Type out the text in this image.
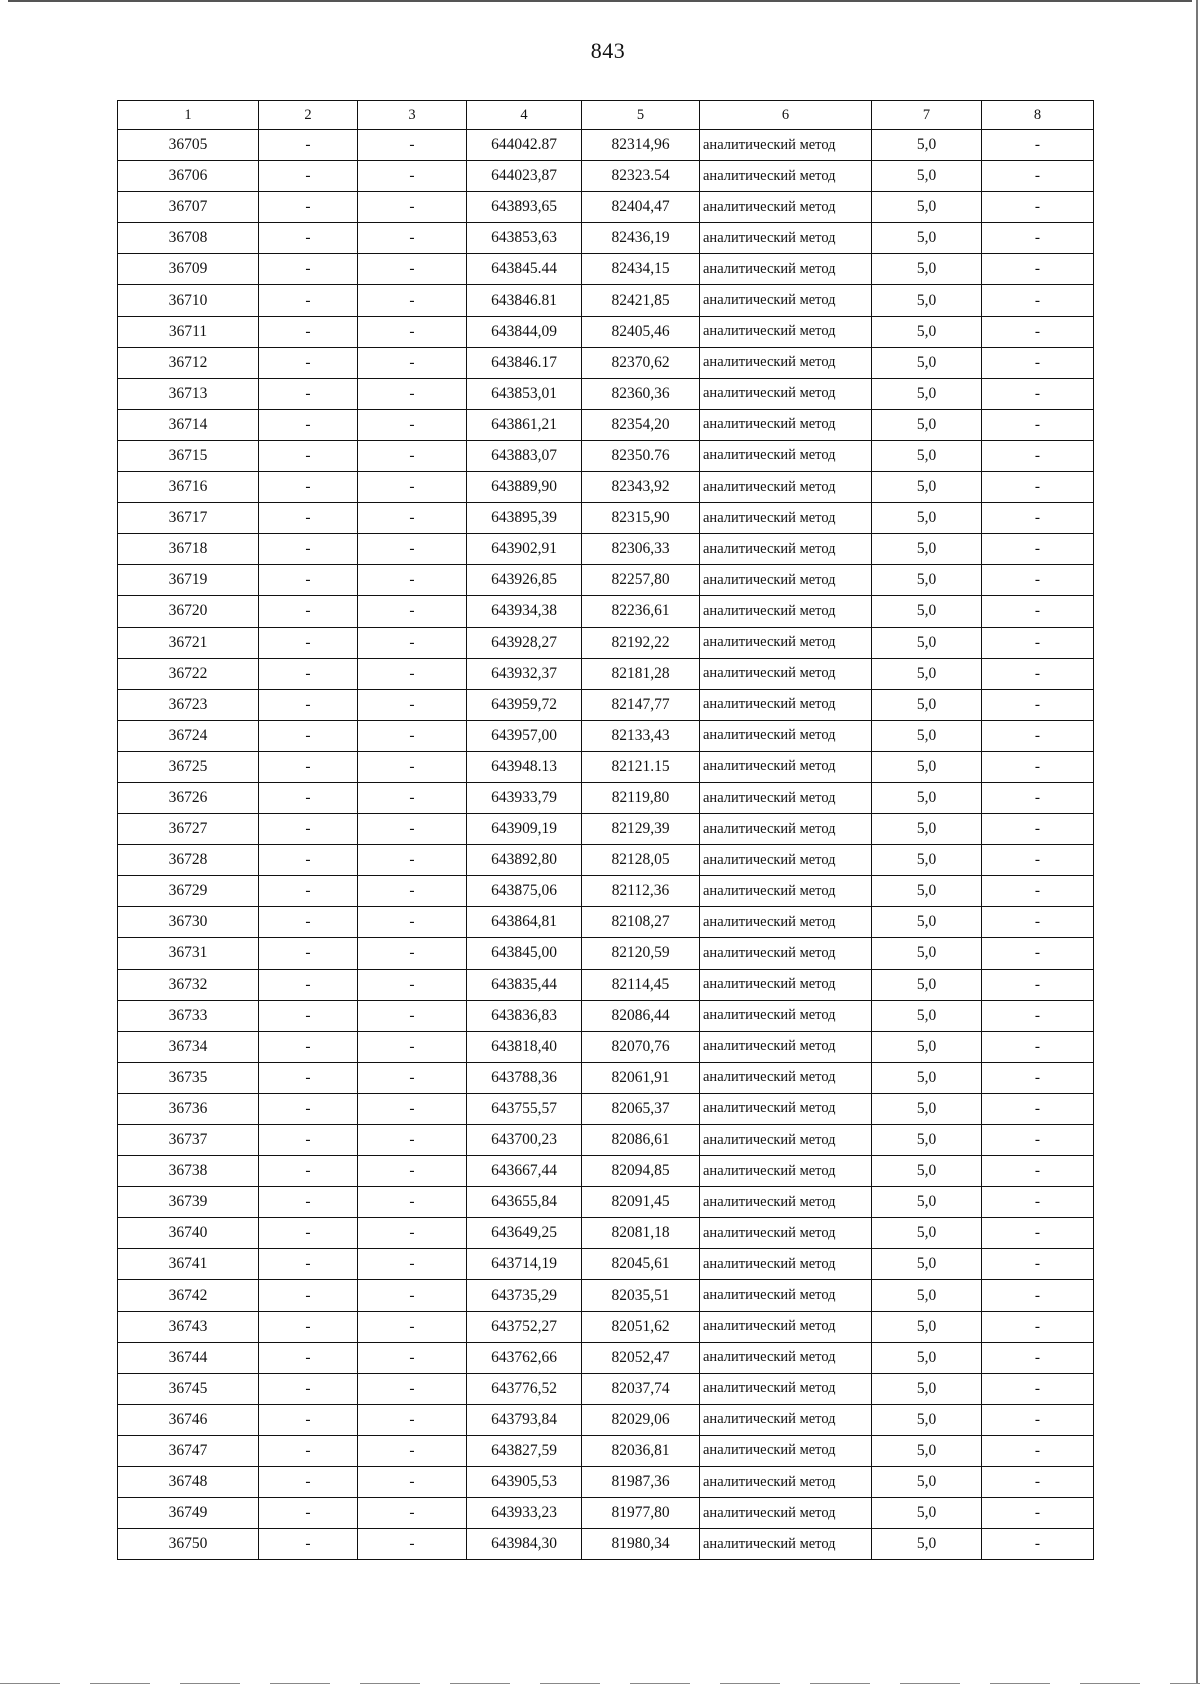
843
1	2	3	4	5	6	7	8
36705	-	-	644042.87	82314,96	аналитический метод	5,0	-
36706	-	-	644023,87	82323.54	аналитический метод	5,0	-
36707	-	-	643893,65	82404,47	аналитический метод	5,0	-
36708	-	-	643853,63	82436,19	аналитический метод	5,0	-
36709	-	-	643845.44	82434,15	аналитический метод	5,0	-
36710	-	-	643846.81	82421,85	аналитический метод	5,0	-
36711	-	-	643844,09	82405,46	аналитический метод	5,0	-
36712	-	-	643846.17	82370,62	аналитический метод	5,0	-
36713	-	-	643853,01	82360,36	аналитический метод	5,0	-
36714	-	-	643861,21	82354,20	аналитический метод	5,0	-
36715	-	-	643883,07	82350.76	аналитический метод	5,0	-
36716	-	-	643889,90	82343,92	аналитический метод	5,0	-
36717	-	-	643895,39	82315,90	аналитический метод	5,0	-
36718	-	-	643902,91	82306,33	аналитический метод	5,0	-
36719	-	-	643926,85	82257,80	аналитический метод	5,0	-
36720	-	-	643934,38	82236,61	аналитический метод	5,0	-
36721	-	-	643928,27	82192,22	аналитический метод	5,0	-
36722	-	-	643932,37	82181,28	аналитический метод	5,0	-
36723	-	-	643959,72	82147,77	аналитический метод	5,0	-
36724	-	-	643957,00	82133,43	аналитический метод	5,0	-
36725	-	-	643948.13	82121.15	аналитический метод	5,0	-
36726	-	-	643933,79	82119,80	аналитический метод	5,0	-
36727	-	-	643909,19	82129,39	аналитический метод	5,0	-
36728	-	-	643892,80	82128,05	аналитический метод	5,0	-
36729	-	-	643875,06	82112,36	аналитический метод	5,0	-
36730	-	-	643864,81	82108,27	аналитический метод	5,0	-
36731	-	-	643845,00	82120,59	аналитический метод	5,0	-
36732	-	-	643835,44	82114,45	аналитический метод	5,0	-
36733	-	-	643836,83	82086,44	аналитический метод	5,0	-
36734	-	-	643818,40	82070,76	аналитический метод	5,0	-
36735	-	-	643788,36	82061,91	аналитический метод	5,0	-
36736	-	-	643755,57	82065,37	аналитический метод	5,0	-
36737	-	-	643700,23	82086,61	аналитический метод	5,0	-
36738	-	-	643667,44	82094,85	аналитический метод	5,0	-
36739	-	-	643655,84	82091,45	аналитический метод	5,0	-
36740	-	-	643649,25	82081,18	аналитический метод	5,0	-
36741	-	-	643714,19	82045,61	аналитический метод	5,0	-
36742	-	-	643735,29	82035,51	аналитический метод	5,0	-
36743	-	-	643752,27	82051,62	аналитический метод	5,0	-
36744	-	-	643762,66	82052,47	аналитический метод	5,0	-
36745	-	-	643776,52	82037,74	аналитический метод	5,0	-
36746	-	-	643793,84	82029,06	аналитический метод	5,0	-
36747	-	-	643827,59	82036,81	аналитический метод	5,0	-
36748	-	-	643905,53	81987,36	аналитический метод	5,0	-
36749	-	-	643933,23	81977,80	аналитический метод	5,0	-
36750	-	-	643984,30	81980,34	аналитический метод	5,0	-
